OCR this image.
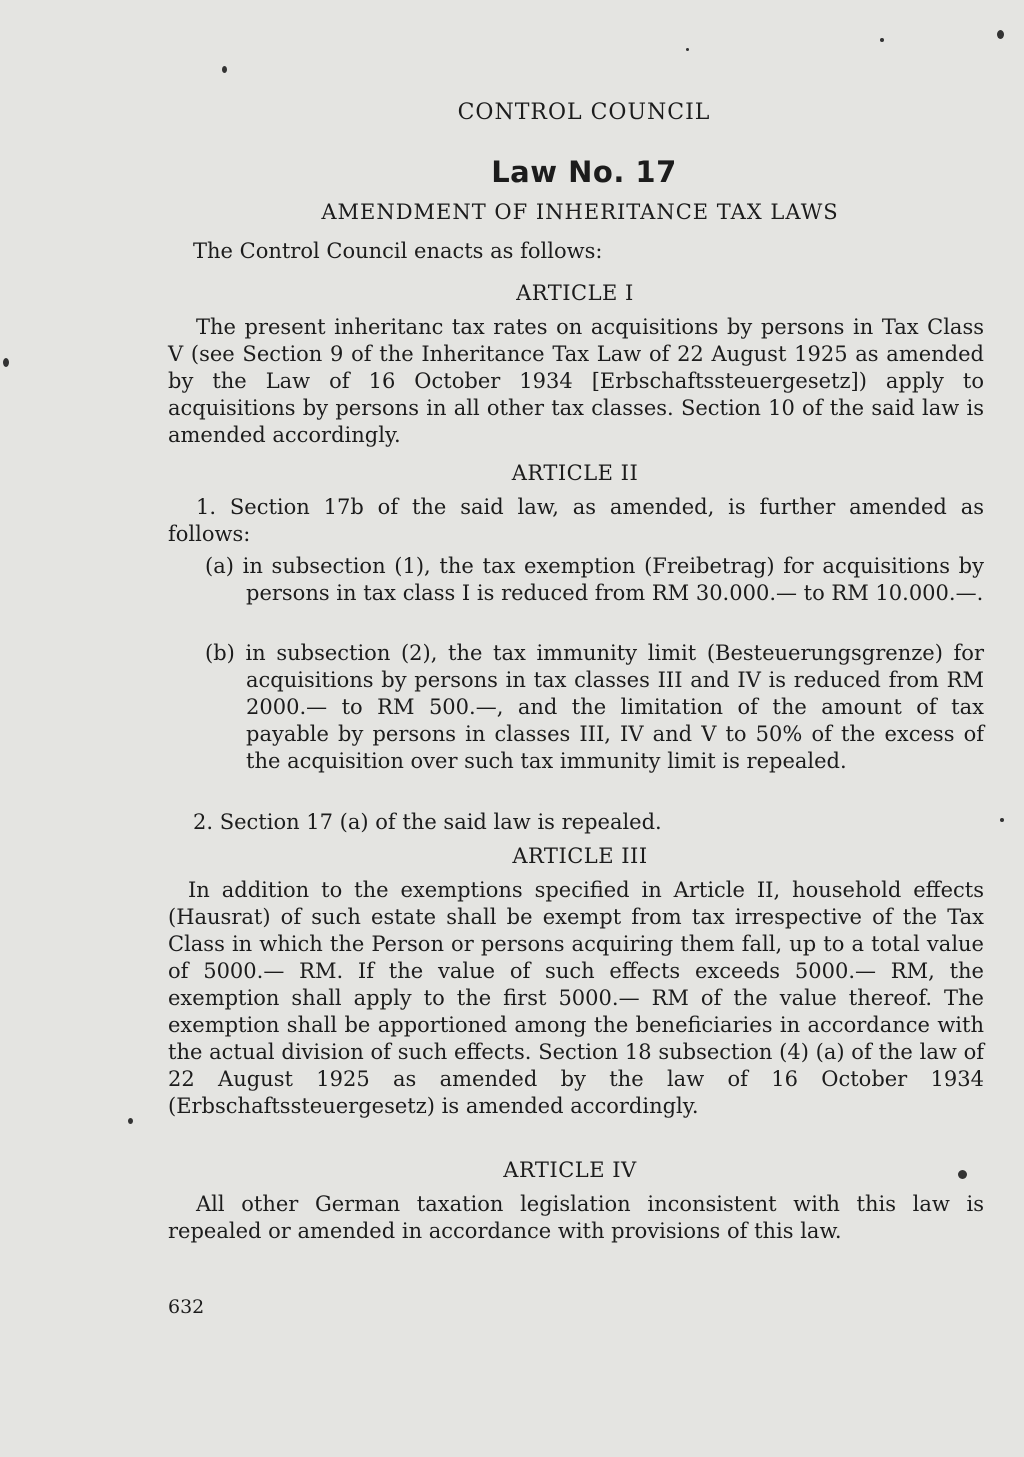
CONTROL COUNCIL
Law No. 17
AMENDMENT OF INHERITANCE TAX LAWS
The Control Council enacts as follows:
ARTICLE I
The present inheritanc tax rates on acquisitions by persons in Tax Class V (see Section 9 of the Inheritance Tax Law of 22 August 1925 as amended by the Law of 16 October 1934 [Erbschaftssteuergesetz]) apply to acquisitions by persons in all other tax classes. Section 10 of the said law is amended accordingly.
ARTICLE II
1. Section 17b of the said law, as amended, is further amended as follows:
(a) in subsection (1), the tax exemption (Freibetrag) for acquisitions by persons in tax class I is reduced from RM 30.000.— to RM 10.000.—.
(b) in subsection (2), the tax immunity limit (Besteuerungsgrenze) for acquisitions by persons in tax classes III and IV is reduced from RM 2000.— to RM 500.—, and the limitation of the amount of tax payable by persons in classes III, IV and V to 50% of the excess of the acquisition over such tax immunity limit is repealed.
2. Section 17 (a) of the said law is repealed.
ARTICLE III
In addition to the exemptions specified in Article II, household effects (Hausrat) of such estate shall be exempt from tax irrespective of the Tax Class in which the Person or persons acquiring them fall, up to a total value of 5000.— RM. If the value of such effects exceeds 5000.— RM, the exemption shall apply to the first 5000.— RM of the value thereof. The exemption shall be apportioned among the beneficiaries in accordance with the actual division of such effects. Section 18 subsection (4) (a) of the law of 22 August 1925 as amended by the law of 16 October 1934 (Erbschaftssteuergesetz) is amended accordingly.
ARTICLE IV
All other German taxation legislation inconsistent with this law is repealed or amended in accordance with provisions of this law.
632
